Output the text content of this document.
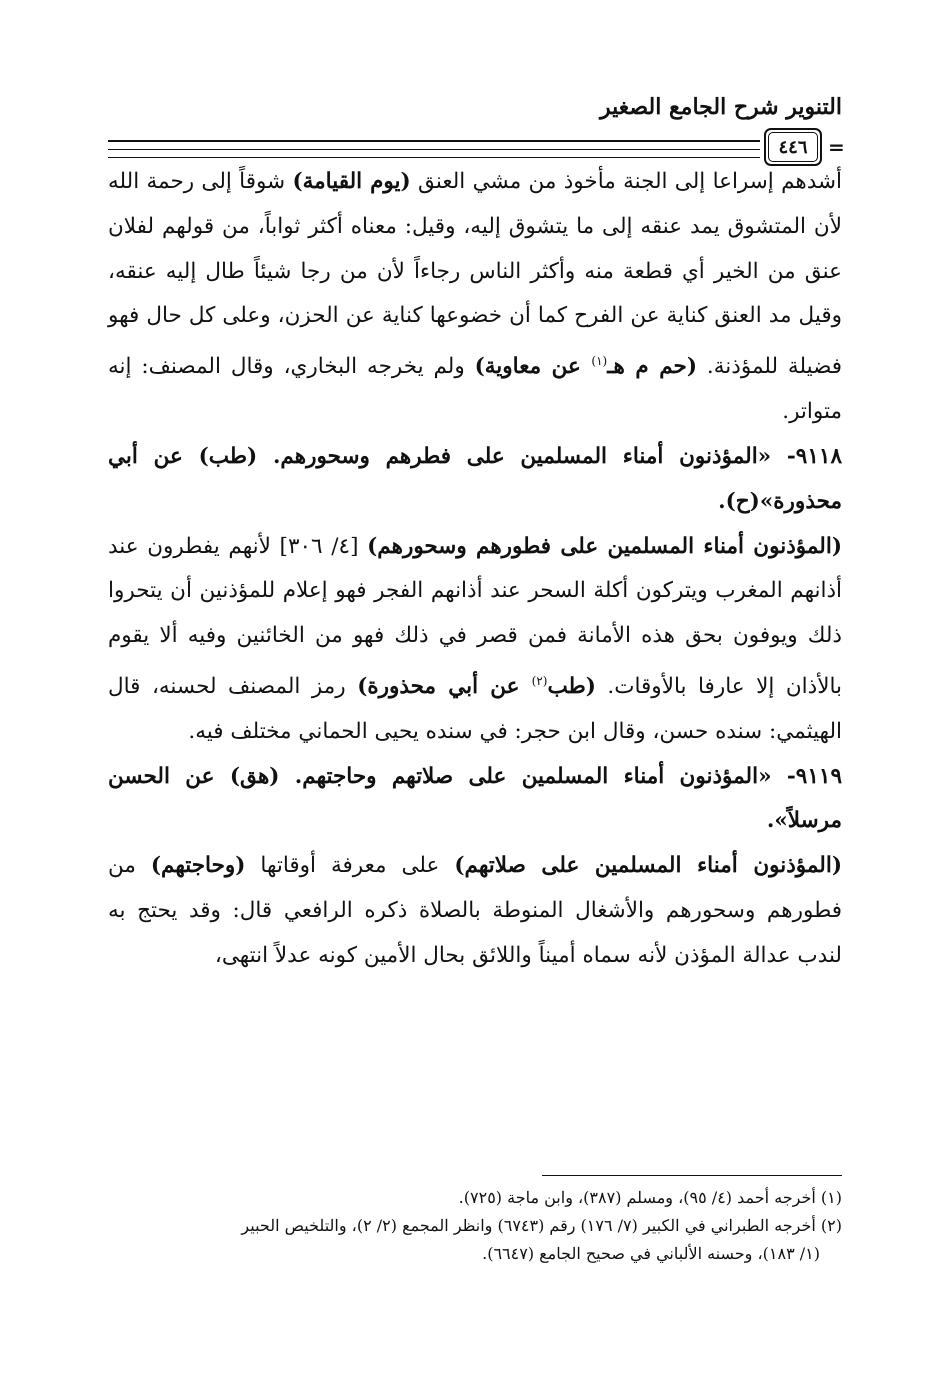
التنوير شرح الجامع الصغير
٤٤٦	=

أشدهم إسراعا إلى الجنة مأخوذ من مشي العنق (يوم القيامة) شوقاً إلى رحمة الله لأن المتشوق يمد عنقه إلى ما يتشوق إليه، وقيل: معناه أكثر ثواباً، من قولهم لفلان عنق من الخير أي قطعة منه وأكثر الناس رجاءاً لأن من رجا شيئاً طال إليه عنقه، وقيل مد العنق كناية عن الفرح كما أن خضوعها كناية عن الحزن، وعلى كل حال فهو فضيلة للمؤذنة. (حم م هـ$^{(١)}$ عن معاوية) ولم يخرجه البخاري، وقال المصنف: إنه متواتر.

٩١١٨- «المؤذنون أمناء المسلمين على فطرهم وسحورهم. (طب) عن أبي محذورة»(ح).

(المؤذنون أمناء المسلمين على فطورهم وسحورهم) [٤/ ٣٠٦] لأنهم يفطرون عند أذانهم المغرب ويتركون أكلة السحر عند أذانهم الفجر فهو إعلام للمؤذنين أن يتحروا ذلك ويوفون بحق هذه الأمانة فمن قصر في ذلك فهو من الخائنين وفيه ألا يقوم بالأذان إلا عارفا بالأوقات. (طب$^{(٢)}$ عن أبي محذورة) رمز المصنف لحسنه، قال الهيثمي: سنده حسن، وقال ابن حجر: في سنده يحيى الحماني مختلف فيه.

٩١١٩- «المؤذنون أمناء المسلمين على صلاتهم وحاجتهم. (هق) عن الحسن مرسلاً».

(المؤذنون أمناء المسلمين على صلاتهم) على معرفة أوقاتها (وحاجتهم) من فطورهم وسحورهم والأشغال المنوطة بالصلاة ذكره الرافعي قال: وقد يحتج به لندب عدالة المؤذن لأنه سماه أميناً واللائق بحال الأمين كونه عدلاً انتهى،

(١) أخرجه أحمد (٤/ ٩٥)، ومسلم (٣٨٧)، وابن ماجة (٧٢٥).

(٢) أخرجه الطبراني في الكبير (٧/ ١٧٦) رقم (٦٧٤٣) وانظر المجمع (٢/ ٢)، والتلخيص الحبير

(١/ ١٨٣)، وحسنه الألباني في صحيح الجامع (٦٦٤٧).
